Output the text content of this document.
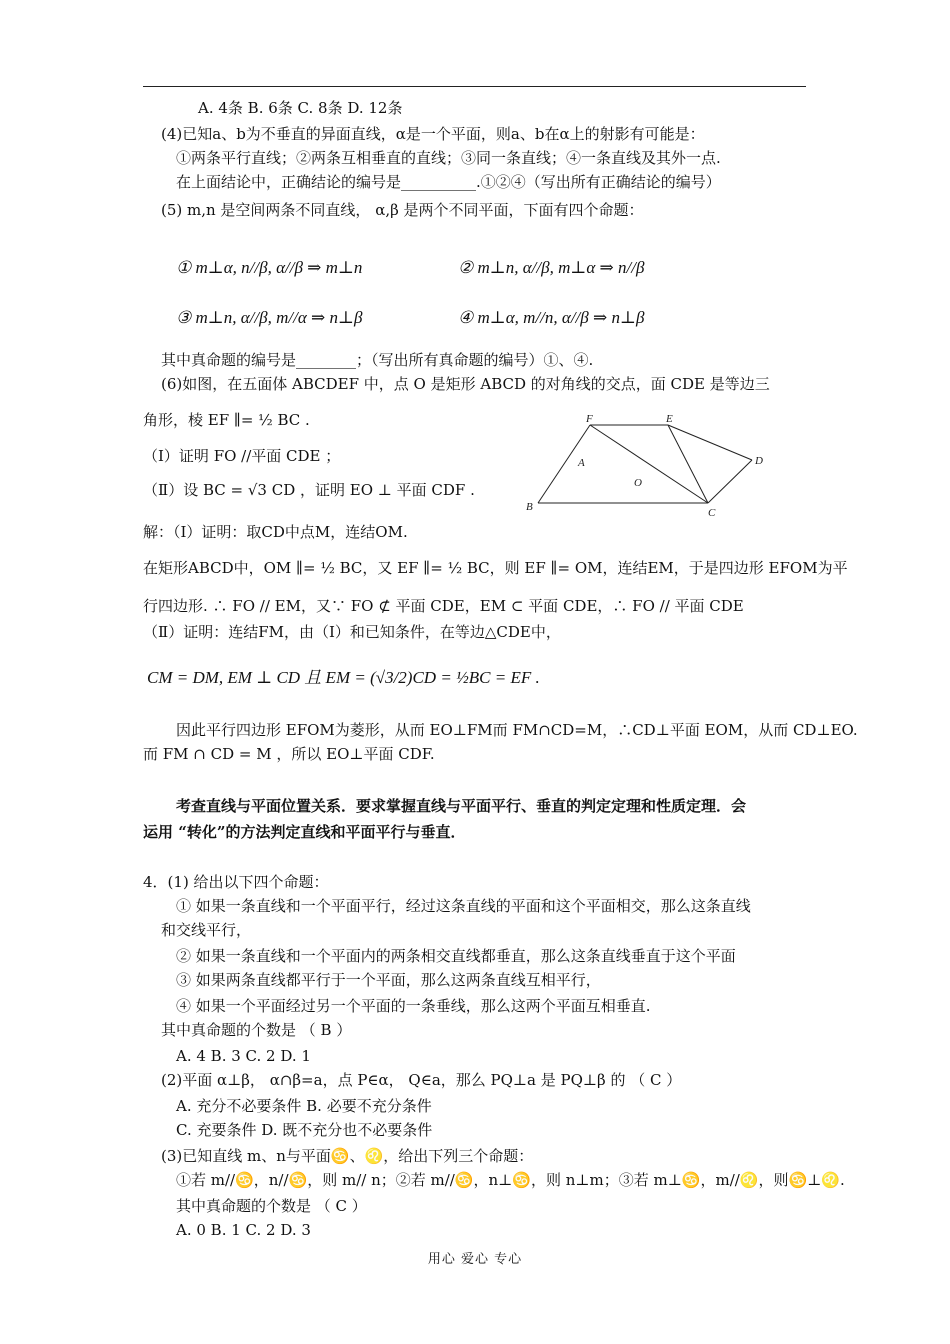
A. 4条 B. 6条 C. 8条 D. 12条
(4)已知a、b为不垂直的异面直线，α是一个平面，则a、b在α上的射影有可能是：
①两条平行直线；②两条互相垂直的直线；③同一条直线；④一条直线及其外一点.
在上面结论中，正确结论的编号是__________.①②④（写出所有正确结论的编号）
(5) m,n 是空间两条不同直线， α,β 是两个不同平面，下面有四个命题：
① m⊥α, n//β, α//β ⇒ m⊥n	② m⊥n, α//β, m⊥α ⇒ n//β
③ m⊥n, α//β, m//α ⇒ n⊥β	④ m⊥α, m//n, α//β ⇒ n⊥β
其中真命题的编号是________；（写出所有真命题的编号）①、④.
(6)如图，在五面体 ABCDEF 中，点 O 是矩形 ABCD 的对角线的交点，面 CDE 是等边三
角形，棱 EF ∥= ½ BC .
（Ⅰ）证明 FO //平面 CDE ；
（Ⅱ）设 BC = √3 CD ，证明 EO ⊥ 平面 CDF .
F	E
A
O
D
B	C
解：（Ⅰ）证明：取CD中点M，连结OM.
在矩形ABCD中，OM ∥= ½ BC，又 EF ∥= ½ BC，则 EF ∥= OM，连结EM，于是四边形 EFOM为平
行四边形. ∴ FO // EM，又∵ FO ⊄ 平面 CDE，EM ⊂ 平面 CDE，∴ FO // 平面 CDE
（Ⅱ）证明：连结FM，由（Ⅰ）和已知条件，在等边△CDE中，
CM = DM, EM ⊥ CD 且 EM = (√3/2)CD = ½BC = EF .
因此平行四边形 EFOM为菱形，从而 EO⊥FM而 FM∩CD=M，∴CD⊥平面 EOM，从而 CD⊥EO.
而 FM ∩ CD = M ，所以 EO⊥平面 CDF.
考查直线与平面位置关系．要求掌握直线与平面平行、垂直的判定定理和性质定理．会
运用 “转化”的方法判定直线和平面平行与垂直．
4．(1) 给出以下四个命题：
① 如果一条直线和一个平面平行，经过这条直线的平面和这个平面相交，那么这条直线
和交线平行，
② 如果一条直线和一个平面内的两条相交直线都垂直，那么这条直线垂直于这个平面
③ 如果两条直线都平行于一个平面，那么这两条直线互相平行，
④ 如果一个平面经过另一个平面的一条垂线，那么这两个平面互相垂直.
其中真命题的个数是 （ B ）
A. 4 B. 3 C. 2 D. 1
(2)平面 α⊥β， α∩β=a，点 P∈α， Q∈a，那么 PQ⊥a 是 PQ⊥β 的 （ C ）
A. 充分不必要条件 B. 必要不充分条件
C. 充要条件 D. 既不充分也不必要条件
(3)已知直线 m、n与平面♋、♌，给出下列三个命题：
①若 m//♋，n//♋，则 m// n；②若 m//♋，n⊥♋，则 n⊥m；③若 m⊥♋，m//♌，则♋⊥♌.
其中真命题的个数是 （ C ）
A. 0 B. 1 C. 2 D. 3
用心 爱心 专心
